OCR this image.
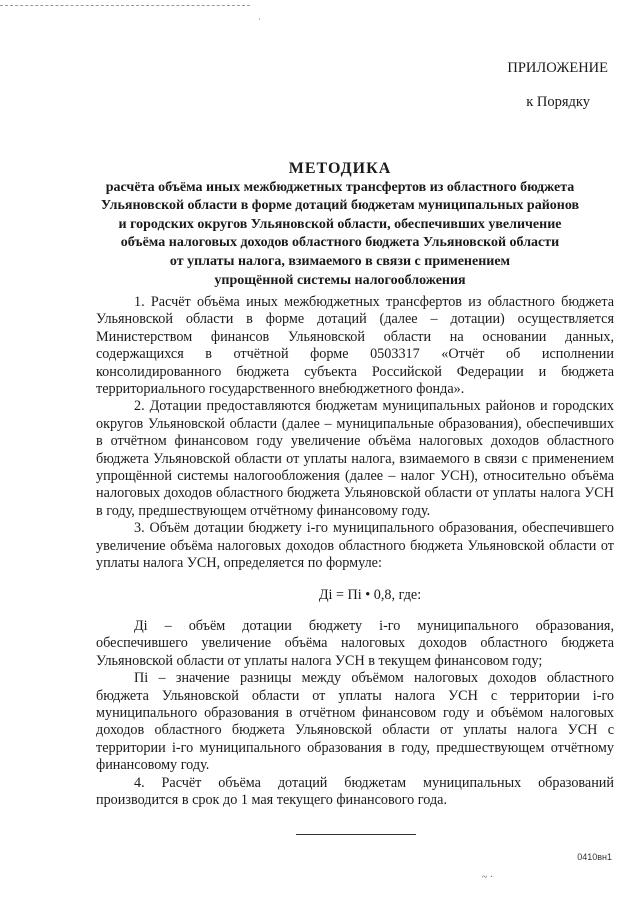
·
ПРИЛОЖЕНИЕ
к Порядку
МЕТОДИКА
расчёта объёма иных межбюджетных трансфертов из областного бюджета
Ульяновской области в форме дотаций бюджетам муниципальных районов
и городских округов Ульяновской области, обеспечивших увеличение
объёма налоговых доходов областного бюджета Ульяновской области
от уплаты налога, взимаемого в связи с применением
упрощённой системы налогообложения

1. Расчёт объёма иных межбюджетных трансфертов из областного бюджета Ульяновской области в форме дотаций (далее – дотации) осуществляется Министерством финансов Ульяновской области на основании данных, содержащихся в отчётной форме 0503317 «Отчёт об исполнении консолидированного бюджета субъекта Российской Федерации и бюджета территориального государственного внебюджетного фонда».

2. Дотации предоставляются бюджетам муниципальных районов и городских округов Ульяновской области (далее – муниципальные образования), обеспечивших в отчётном финансовом году увеличение объёма налоговых доходов областного бюджета Ульяновской области от уплаты налога, взимаемого в связи с применением упрощённой системы налогообложения (далее – налог УСН), относительно объёма налоговых доходов областного бюджета Ульяновской области от уплаты налога УСН в году, предшествующем отчётному финансовому году.

3. Объём дотации бюджету i-го муниципального образования, обеспечившего увеличение объёма налоговых доходов областного бюджета Ульяновской области от уплаты налога УСН, определяется по формуле:

Дi = Пi • 0,8, где:

Дi – объём дотации бюджету i-го муниципального образования, обеспечившего увеличение объёма налоговых доходов областного бюджета Ульяновской области от уплаты налога УСН в текущем финансовом году;

Пi – значение разницы между объёмом налоговых доходов областного бюджета Ульяновской области от уплаты налога УСН с территории i-го муниципального образования в отчётном финансовом году и объёмом налоговых доходов областного бюджета Ульяновской области от уплаты налога УСН с территории i-го муниципального образования в году, предшествующем отчётному финансовому году.

4. Расчёт объёма дотаций бюджетам муниципальных образований производится в срок до 1 мая текущего финансового года.

0410вн1
~ ·
